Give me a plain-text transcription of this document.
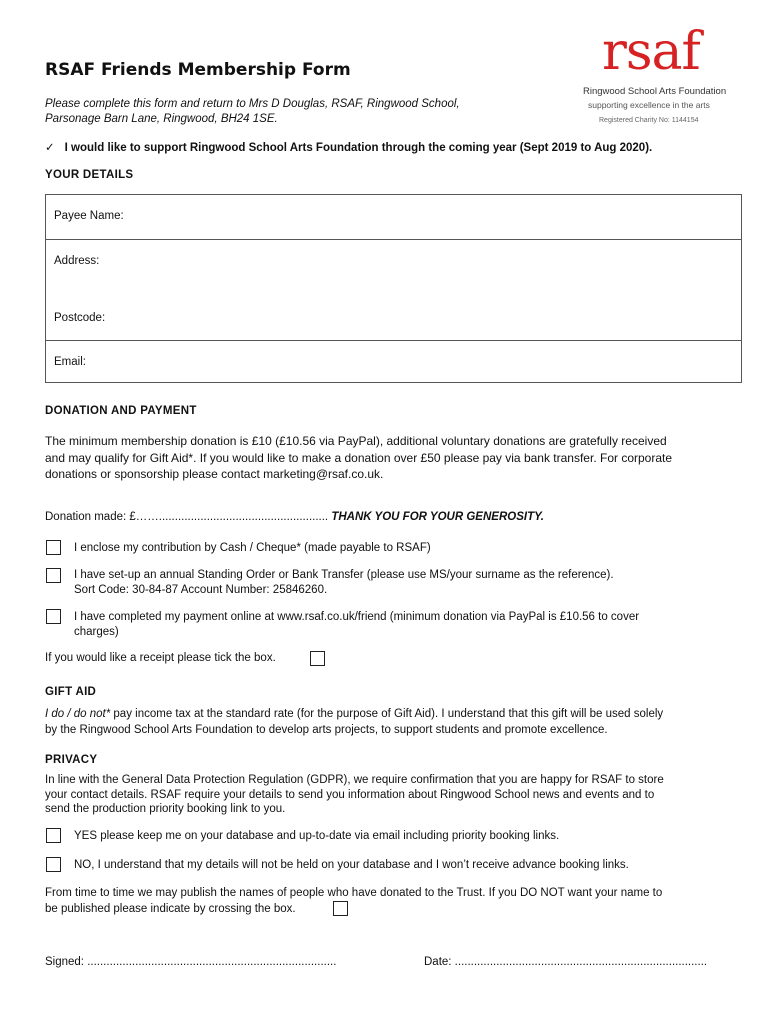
RSAF Friends Membership Form
Please complete this form and return to Mrs D Douglas, RSAF, Ringwood School,
Parsonage Barn Lane, Ringwood, BH24 1SE.
rsaf
Ringwood School Arts Foundation
supporting excellence in the arts
Registered Charity No: 1144154
✓ I would like to support Ringwood School Arts Foundation through the coming year (Sept 2019 to Aug 2020).
YOUR DETAILS
Payee Name:
Address:
Postcode:
Email:
DONATION AND PAYMENT
The minimum membership donation is £10 (£10.56 via PayPal), additional voluntary donations are gratefully received
and may qualify for Gift Aid*. If you would like to make a donation over £50 please pay via bank transfer. For corporate
donations or sponsorship please contact marketing@rsaf.co.uk.
Donation made: £……..................................................... THANK YOU FOR YOUR GENEROSITY.
I enclose my contribution by Cash / Cheque* (made payable to RSAF)
I have set-up an annual Standing Order or Bank Transfer (please use MS/your surname as the reference).
Sort Code: 30-84-87 Account Number: 25846260.
I have completed my payment online at www.rsaf.co.uk/friend (minimum donation via PayPal is £10.56 to cover
charges)
If you would like a receipt please tick the box.
GIFT AID
I do / do not* pay income tax at the standard rate (for the purpose of Gift Aid). I understand that this gift will be used solely
by the Ringwood School Arts Foundation to develop arts projects, to support students and promote excellence.
PRIVACY
In line with the General Data Protection Regulation (GDPR), we require confirmation that you are happy for RSAF to store
your contact details. RSAF require your details to send you information about Ringwood School news and events and to
send the production priority booking link to you.
YES please keep me on your database and up-to-date via email including priority booking links.
NO, I understand that my details will not be held on your database and I won’t receive advance booking links.
From time to time we may publish the names of people who have donated to the Trust. If you DO NOT want your name to
be published please indicate by crossing the box.
Signed: ..............................................................................	Date: ...............................................................................
